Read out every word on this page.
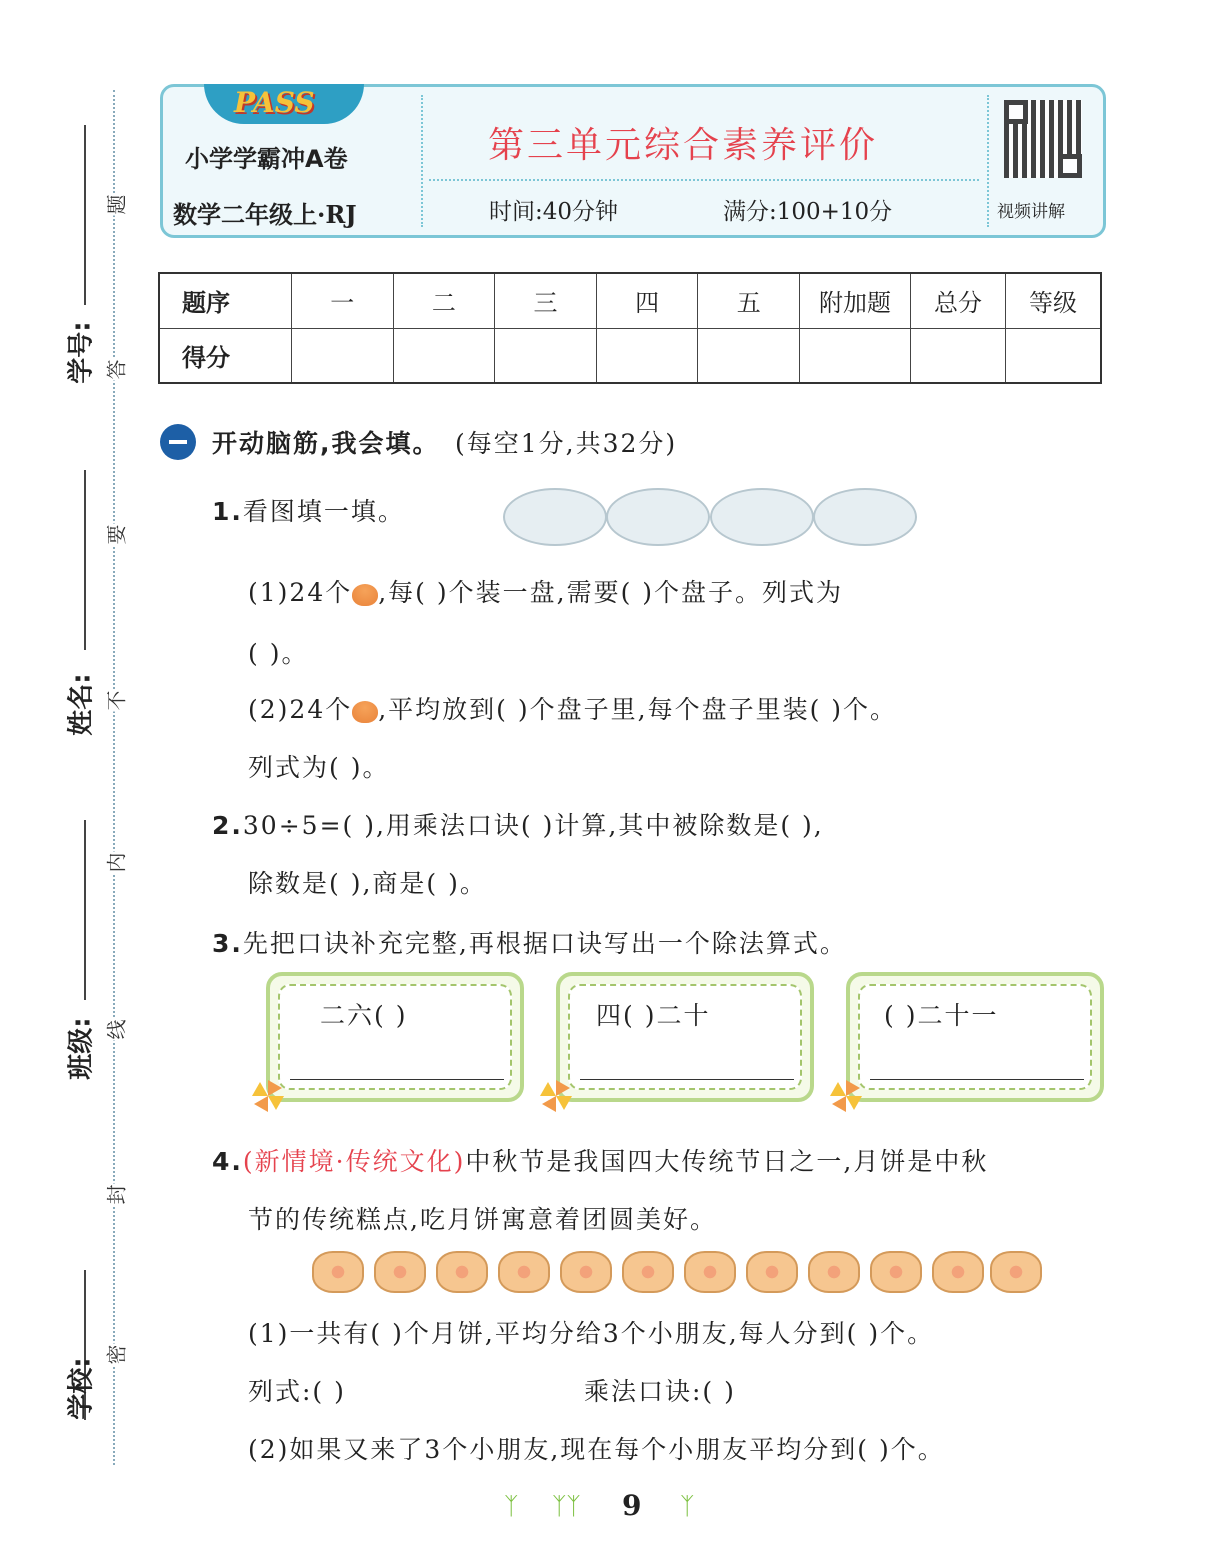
学校:
班级:
姓名:
学号:
密
封
线
内
不
要
答
题
小学学霸冲A卷
数学二年级上·RJ
第三单元综合素养评价
时间:40分钟	满分:100+10分	视频讲解
PASS
题序	一	二	三	四	五	附加题	总分	等级
得分								
开动脑筋,我会填。 (每空1分,共32分)
1.看图填一填。
(1)24个 ,每( )个装一盘,需要( )个盘子。列式为
( )。
(2)24个 ,平均放到( )个盘子里,每个盘子里装( )个。
列式为( )。
2.30÷5=( ),用乘法口诀( )计算,其中被除数是( ),
除数是( ),商是( )。
3.先把口诀补充完整,再根据口诀写出一个除法算式。
二六( )	四( )二十	( )二十一
4.(新情境·传统文化)中秋节是我国四大传统节日之一,月饼是中秋
节的传统糕点,吃月饼寓意着团圆美好。
(1)一共有( )个月饼,平均分给3个小朋友,每人分到( )个。
列式:( )	乘法口诀:( )
(2)如果又来了3个小朋友,现在每个小朋友平均分到( )个。
ᛉ ᛉᛉ 9 ᛉ
